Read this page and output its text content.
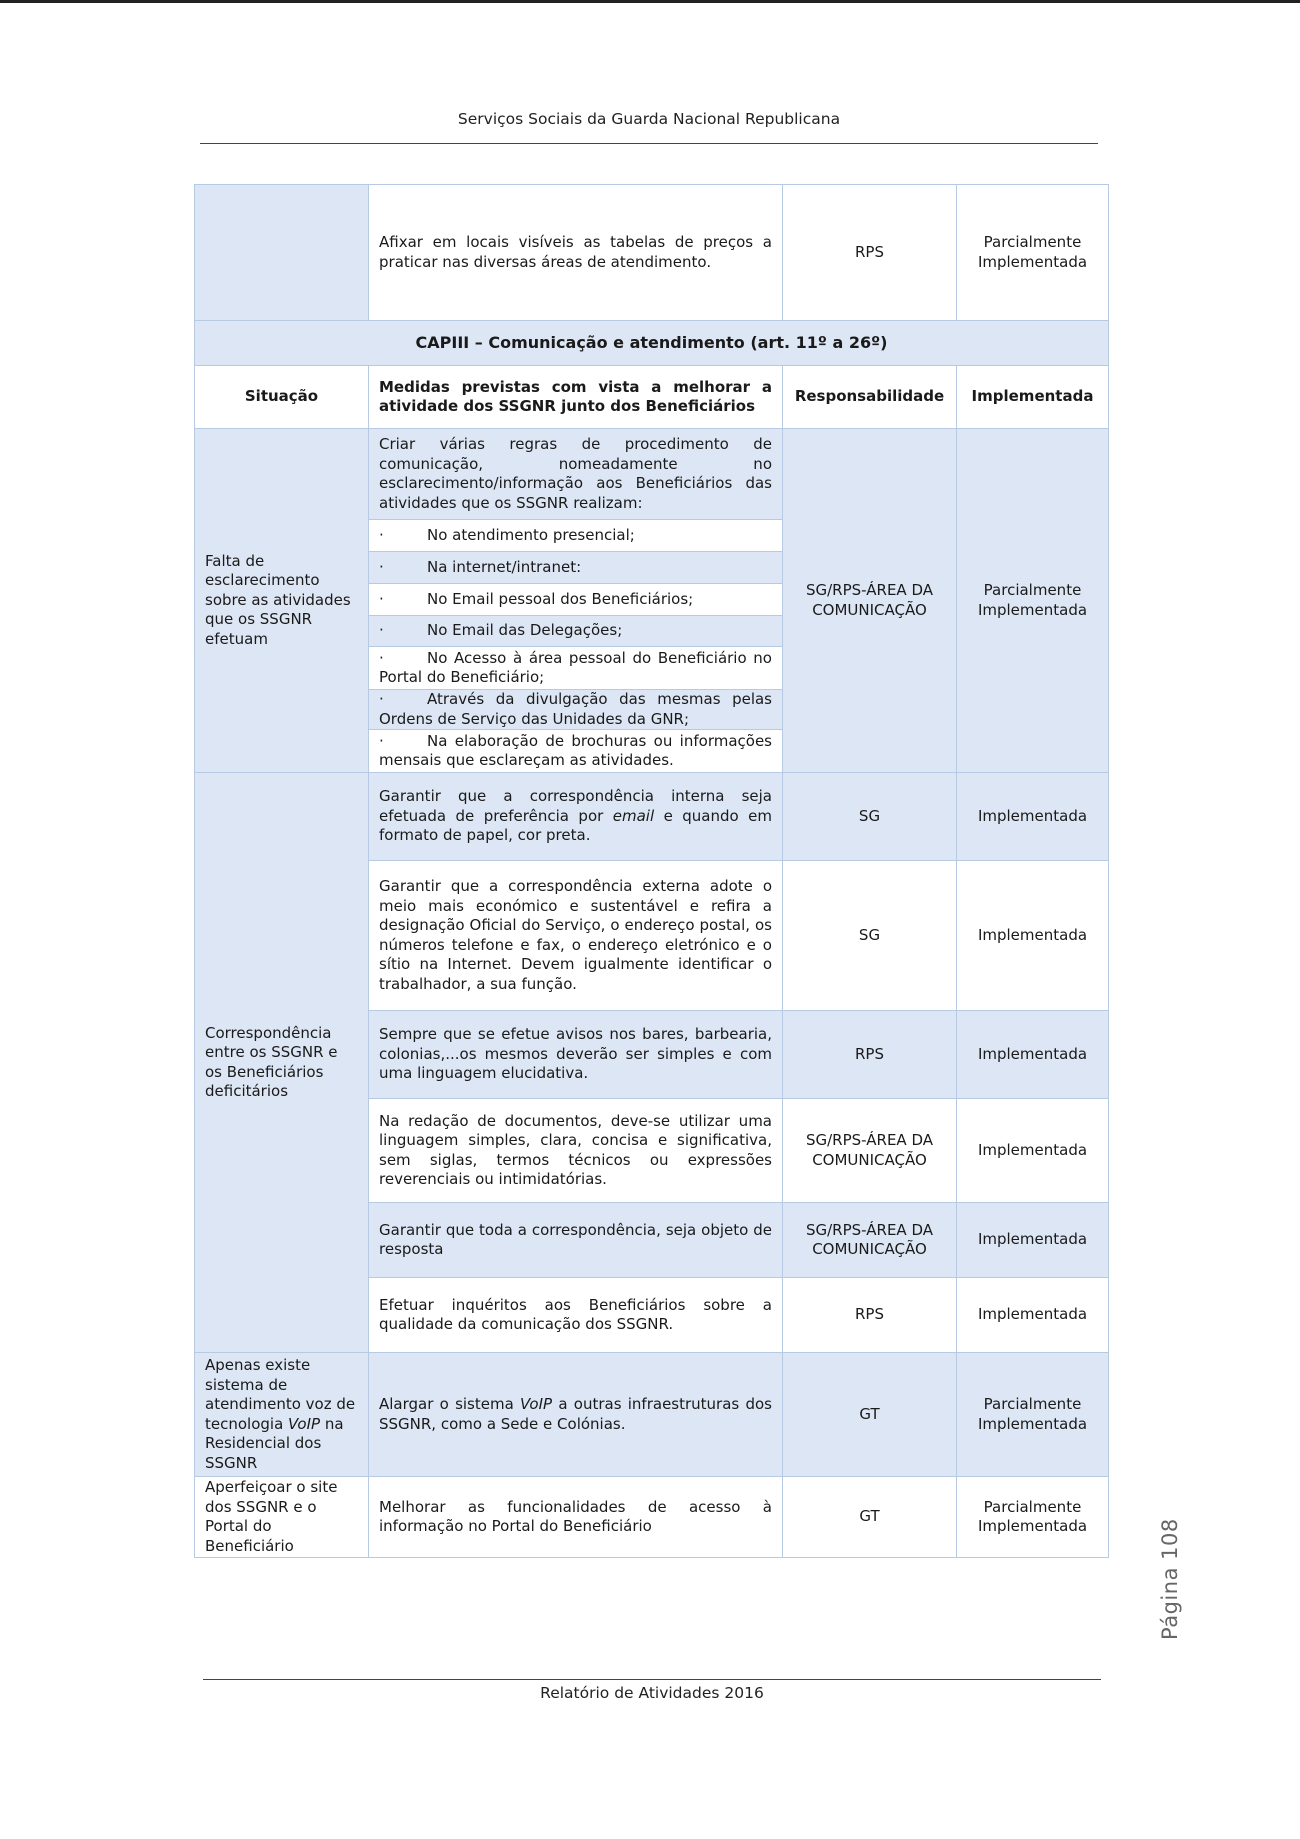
Serviços Sociais da Guarda Nacional Republicana
	Afixar em locais visíveis as tabelas de preços a praticar nas diversas áreas de atendimento.	RPS	Parcialmente Implementada
CAPIII – Comunicação e atendimento (art. 11º a 26º)			
Situação	Medidas previstas com vista a melhorar a atividade dos SSGNR junto dos Beneficiários	Responsabilidade	Implementada
Falta de esclarecimento sobre as atividades que os SSGNR efetuam	Criar várias regras de procedimento de comunicação, nomeadamente no esclarecimento/informação aos Beneficiários das atividades que os SSGNR realizam:	SG/RPS-ÁREA DA COMUNICAÇÃO	Parcialmente Implementada
	· No atendimento presencial;		
	· Na internet/intranet:		
	· No Email pessoal dos Beneficiários;		
	· No Email das Delegações;		
	· No Acesso à área pessoal do Beneficiário no Portal do Beneficiário;		
	· Através da divulgação das mesmas pelas Ordens de Serviço das Unidades da GNR;		
	· Na elaboração de brochuras ou informações mensais que esclareçam as atividades.		
Correspondência entre os SSGNR e os Beneficiários deficitários	Garantir que a correspondência interna seja efetuada de preferência por email e quando em formato de papel, cor preta.	SG	Implementada
	Garantir que a correspondência externa adote o meio mais económico e sustentável e refira a designação Oficial do Serviço, o endereço postal, os números telefone e fax, o endereço eletrónico e o sítio na Internet. Devem igualmente identificar o trabalhador, a sua função.	SG	Implementada
	Sempre que se efetue avisos nos bares, barbearia, colonias,...os mesmos deverão ser simples e com uma linguagem elucidativa.	RPS	Implementada
	Na redação de documentos, deve-se utilizar uma linguagem simples, clara, concisa e significativa, sem siglas, termos técnicos ou expressões reverenciais ou intimidatórias.	SG/RPS-ÁREA DA COMUNICAÇÃO	Implementada
	Garantir que toda a correspondência, seja objeto de resposta	SG/RPS-ÁREA DA COMUNICAÇÃO	Implementada
	Efetuar inquéritos aos Beneficiários sobre a qualidade da comunicação dos SSGNR.	RPS	Implementada
Apenas existe sistema de atendimento voz de tecnologia VoIP na Residencial dos SSGNR	Alargar o sistema VoIP a outras infraestruturas dos SSGNR, como a Sede e Colónias.	GT	Parcialmente Implementada
Aperfeiçoar o site dos SSGNR e o Portal do Beneficiário	Melhorar as funcionalidades de acesso à informação no Portal do Beneficiário	GT	Parcialmente Implementada	Página 108
Relatório de Atividades 2016
